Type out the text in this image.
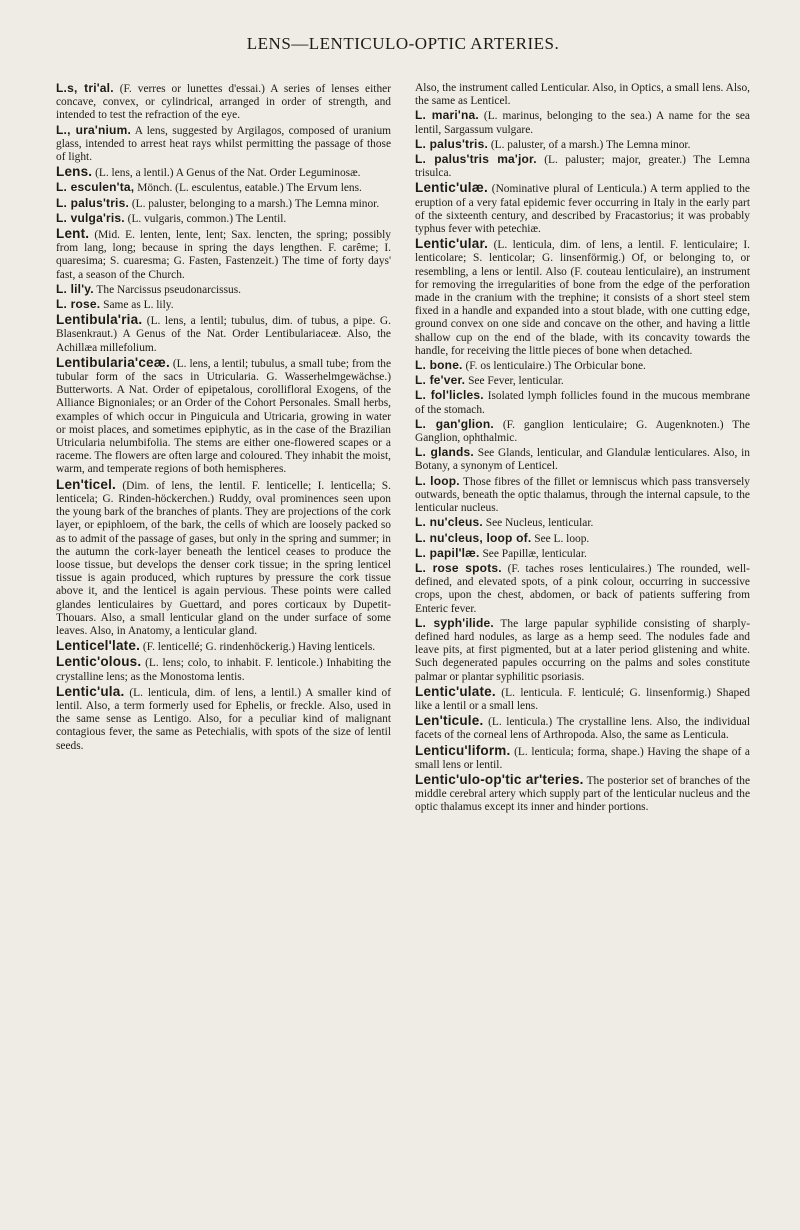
LENS—LENTICULO-OPTIC ARTERIES.

L.s, tri'al. (F. verres or lunettes d'essai.) A series of lenses either concave, convex, or cylindrical, arranged in order of strength, and intended to test the refraction of the eye.

L., ura'nium. A lens, suggested by Argilagos, composed of uranium glass, intended to arrest heat rays whilst permitting the passage of those of light.

Lens. (L. lens, a lentil.) A Genus of the Nat. Order Leguminosæ.

L. esculen'ta, Mönch. (L. esculentus, eatable.) The Ervum lens.

L. palus'tris. (L. paluster, belonging to a marsh.) The Lemna minor.

L. vulga'ris. (L. vulgaris, common.) The Lentil.

Lent. (Mid. E. lenten, lente, lent; Sax. lencten, the spring; possibly from lang, long; because in spring the days lengthen. F. carême; I. quaresima; S. cuaresma; G. Fasten, Fastenzeit.) The time of forty days' fast, a season of the Church.

L. lil'y. The Narcissus pseudonarcissus.

L. rose. Same as L. lily.

Lentibula'ria. (L. lens, a lentil; tubulus, dim. of tubus, a pipe. G. Blasenkraut.) A Genus of the Nat. Order Lentibulariaceæ. Also, the Achillæa millefolium.

Lentibularia'ceæ. (L. lens, a lentil; tubulus, a small tube; from the tubular form of the sacs in Utricularia. G. Wasserhelmgewächse.) Butterworts. A Nat. Order of epipetalous, corollifloral Exogens, of the Alliance Bignoniales; or an Order of the Cohort Personales. Small herbs, examples of which occur in Pinguicula and Utricaria, growing in water or moist places, and sometimes epiphytic, as in the case of the Brazilian Utricularia nelumbifolia. The stems are either one-flowered scapes or a raceme. The flowers are often large and coloured. They inhabit the moist, warm, and temperate regions of both hemispheres.

Len'ticel. (Dim. of lens, the lentil. F. lenticelle; I. lenticella; S. lenticela; G. Rinden-höckerchen.) Ruddy, oval prominences seen upon the young bark of the branches of plants. They are projections of the cork layer, or epiphloem, of the bark, the cells of which are loosely packed so as to admit of the passage of gases, but only in the spring and summer; in the autumn the cork-layer beneath the lenticel ceases to produce the loose tissue, but develops the denser cork tissue; in the spring lenticel tissue is again produced, which ruptures by pressure the cork tissue above it, and the lenticel is again pervious. These points were called glandes lenticulaires by Guettard, and pores corticaux by Dupetit-Thouars. Also, a small lenticular gland on the under surface of some leaves. Also, in Anatomy, a lenticular gland.

Lenticel'late. (F. lenticellé; G. rindenhöckerig.) Having lenticels.

Lentic'olous. (L. lens; colo, to inhabit. F. lenticole.) Inhabiting the crystalline lens; as the Monostoma lentis.

Lentic'ula. (L. lenticula, dim. of lens, a lentil.) A smaller kind of lentil. Also, a term formerly used for Ephelis, or freckle. Also, used in the same sense as Lentigo. Also, for a peculiar kind of malignant contagious fever, the same as Petechialis, with spots of the size of lentil seeds.

Also, the instrument called Lenticular. Also, in Optics, a small lens. Also, the same as Lenticel.

L. mari'na. (L. marinus, belonging to the sea.) A name for the sea lentil, Sargassum vulgare.

L. palus'tris. (L. paluster, of a marsh.) The Lemna minor.

L. palus'tris ma'jor. (L. paluster; major, greater.) The Lemna trisulca.

Lentic'ulæ. (Nominative plural of Lenticula.) A term applied to the eruption of a very fatal epidemic fever occurring in Italy in the early part of the sixteenth century, and described by Fracastorius; it was probably typhus fever with petechiæ.

Lentic'ular. (L. lenticula, dim. of lens, a lentil. F. lenticulaire; I. lenticolare; S. lenticolar; G. linsenförmig.) Of, or belonging to, or resembling, a lens or lentil. Also (F. couteau lenticulaire), an instrument for removing the irregularities of bone from the edge of the perforation made in the cranium with the trephine; it consists of a short steel stem fixed in a handle and expanded into a stout blade, with one cutting edge, ground convex on one side and concave on the other, and having a little shallow cup on the end of the blade, with its concavity towards the handle, for receiving the little pieces of bone when detached.

L. bone. (F. os lenticulaire.) The Orbicular bone.

L. fe'ver. See Fever, lenticular.

L. fol'licles. Isolated lymph follicles found in the mucous membrane of the stomach.

L. gan'glion. (F. ganglion lenticulaire; G. Augenknoten.) The Ganglion, ophthalmic.

L. glands. See Glands, lenticular, and Glandulæ lenticulares. Also, in Botany, a synonym of Lenticel.

L. loop. Those fibres of the fillet or lemniscus which pass transversely outwards, beneath the optic thalamus, through the internal capsule, to the lenticular nucleus.

L. nu'cleus. See Nucleus, lenticular.

L. nu'cleus, loop of. See L. loop.

L. papil'læ. See Papillæ, lenticular.

L. rose spots. (F. taches roses lenticulaires.) The rounded, well-defined, and elevated spots, of a pink colour, occurring in successive crops, upon the chest, abdomen, or back of patients suffering from Enteric fever.

L. syph'ilide. The large papular syphilide consisting of sharply-defined hard nodules, as large as a hemp seed. The nodules fade and leave pits, at first pigmented, but at a later period glistening and white. Such degenerated papules occurring on the palms and soles constitute palmar or plantar syphilitic psoriasis.

Lentic'ulate. (L. lenticula. F. lenticulé; G. linsenformig.) Shaped like a lentil or a small lens.

Len'ticule. (L. lenticula.) The crystalline lens. Also, the individual facets of the corneal lens of Arthropoda. Also, the same as Lenticula.

Lenticu'liform. (L. lenticula; forma, shape.) Having the shape of a small lens or lentil.

Lentic'ulo-op'tic ar'teries. The posterior set of branches of the middle cerebral artery which supply part of the lenticular nucleus and the optic thalamus except its inner and hinder portions.
